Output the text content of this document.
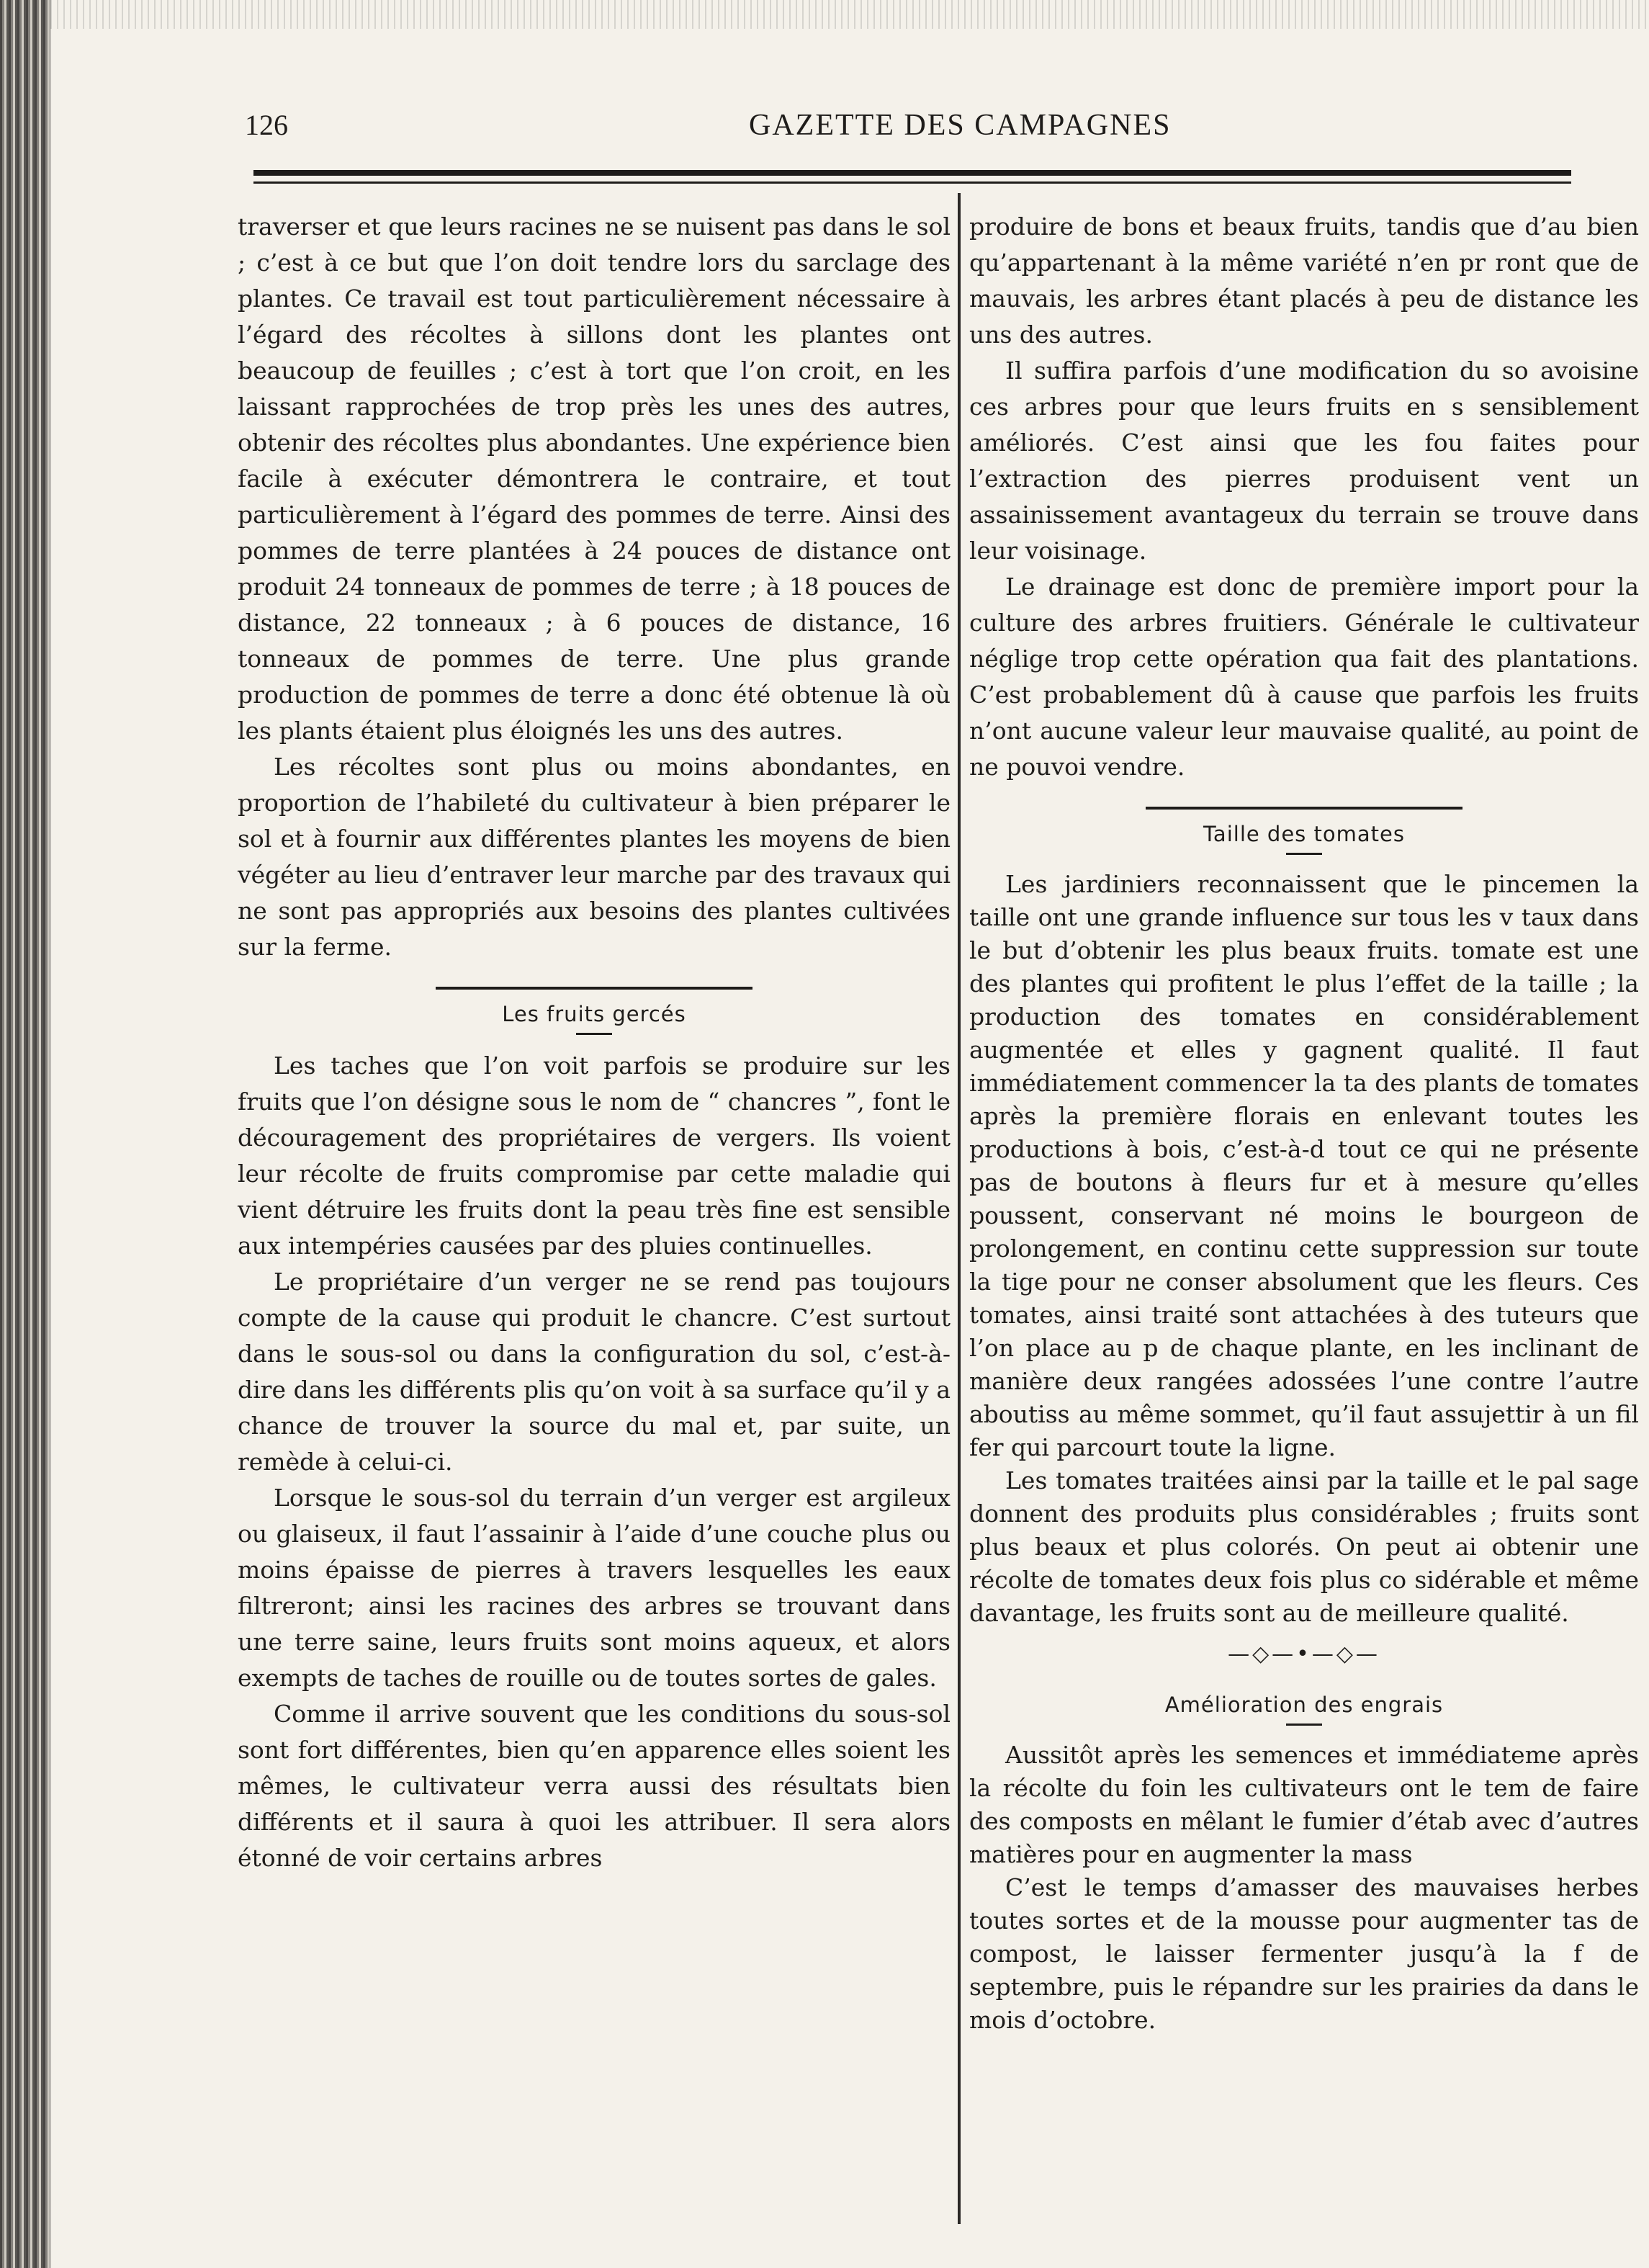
126	GAZETTE DES CAMPAGNES

traverser et que leurs racines ne se nuisent pas dans le sol ; c’est à ce but que l’on doit tendre lors du sarclage des plantes. Ce travail est tout particulièrement nécessaire à l’égard des récoltes à sillons dont les plantes ont beaucoup de feuilles ; c’est à tort que l’on croit, en les laissant rapprochées de trop près les unes des autres, obtenir des récoltes plus abondantes. Une expérience bien facile à exécuter démontrera le contraire, et tout particulièrement à l’égard des pommes de terre. Ainsi des pommes de terre plantées à 24 pouces de distance ont produit 24 tonneaux de pommes de terre ; à 18 pouces de distance, 22 tonneaux ; à 6 pouces de distance, 16 tonneaux de pommes de terre. Une plus grande production de pommes de terre a donc été obtenue là où les plants étaient plus éloignés les uns des autres.

Les récoltes sont plus ou moins abondantes, en proportion de l’habileté du cultivateur à bien préparer le sol et à fournir aux différentes plantes les moyens de bien végéter au lieu d’entraver leur marche par des travaux qui ne sont pas appropriés aux besoins des plantes cultivées sur la ferme.

Les fruits gercés

Les taches que l’on voit parfois se produire sur les fruits que l’on désigne sous le nom de “ chancres ”, font le découragement des propriétaires de vergers. Ils voient leur récolte de fruits compromise par cette maladie qui vient détruire les fruits dont la peau très fine est sensible aux intempéries causées par des pluies continuelles.

Le propriétaire d’un verger ne se rend pas toujours compte de la cause qui produit le chancre. C’est surtout dans le sous-sol ou dans la configuration du sol, c’est-à-dire dans les différents plis qu’on voit à sa surface qu’il y a chance de trouver la source du mal et, par suite, un remède à celui-ci.

Lorsque le sous-sol du terrain d’un verger est argileux ou glaiseux, il faut l’assainir à l’aide d’une couche plus ou moins épaisse de pierres à travers lesquelles les eaux filtreront; ainsi les racines des arbres se trouvant dans une terre saine, leurs fruits sont moins aqueux, et alors exempts de taches de rouille ou de toutes sortes de gales.

Comme il arrive souvent que les conditions du sous-sol sont fort différentes, bien qu’en apparence elles soient les mêmes, le cultivateur verra aussi des résultats bien différents et il saura à quoi les attribuer. Il sera alors étonné de voir certains arbres

produire de bons et beaux fruits, tandis que d’au bien qu’appartenant à la même variété n’en pr ront que de mauvais, les arbres étant placés à peu de distance les uns des autres.

Il suffira parfois d’une modification du so avoisine ces arbres pour que leurs fruits en s sensiblement améliorés. C’est ainsi que les fou faites pour l’extraction des pierres produisent vent un assainissement avantageux du terrain se trouve dans leur voisinage.

Le drainage est donc de première import pour la culture des arbres fruitiers. Générale le cultivateur néglige trop cette opération qua fait des plantations. C’est probablement dû à cause que parfois les fruits n’ont aucune valeur leur mauvaise qualité, au point de ne pouvoi vendre.

Taille des tomates

Les jardiniers reconnaissent que le pincemen la taille ont une grande influence sur tous les v taux dans le but d’obtenir les plus beaux fruits. tomate est une des plantes qui profitent le plus l’effet de la taille ; la production des tomates en considérablement augmentée et elles y gagnent qualité. Il faut immédiatement commencer la ta des plants de tomates après la première florais en enlevant toutes les productions à bois, c’est-à-d tout ce qui ne présente pas de boutons à fleurs fur et à mesure qu’elles poussent, conservant né moins le bourgeon de prolongement, en continu cette suppression sur toute la tige pour ne conser absolument que les fleurs. Ces tomates, ainsi traité sont attachées à des tuteurs que l’on place au p de chaque plante, en les inclinant de manière deux rangées adossées l’une contre l’autre aboutiss au même sommet, qu’il faut assujettir à un fil fer qui parcourt toute la ligne.

Les tomates traitées ainsi par la taille et le pal sage donnent des produits plus considérables ; fruits sont plus beaux et plus colorés. On peut ai obtenir une récolte de tomates deux fois plus co sidérable et même davantage, les fruits sont au de meilleure qualité.

—◇—•—◇—
Amélioration des engrais

Aussitôt après les semences et immédiateme après la récolte du foin les cultivateurs ont le tem de faire des composts en mêlant le fumier d’étab avec d’autres matières pour en augmenter la mass

C’est le temps d’amasser des mauvaises herbes toutes sortes et de la mousse pour augmenter tas de compost, le laisser fermenter jusqu’à la f de septembre, puis le répandre sur les prairies da dans le mois d’octobre.
